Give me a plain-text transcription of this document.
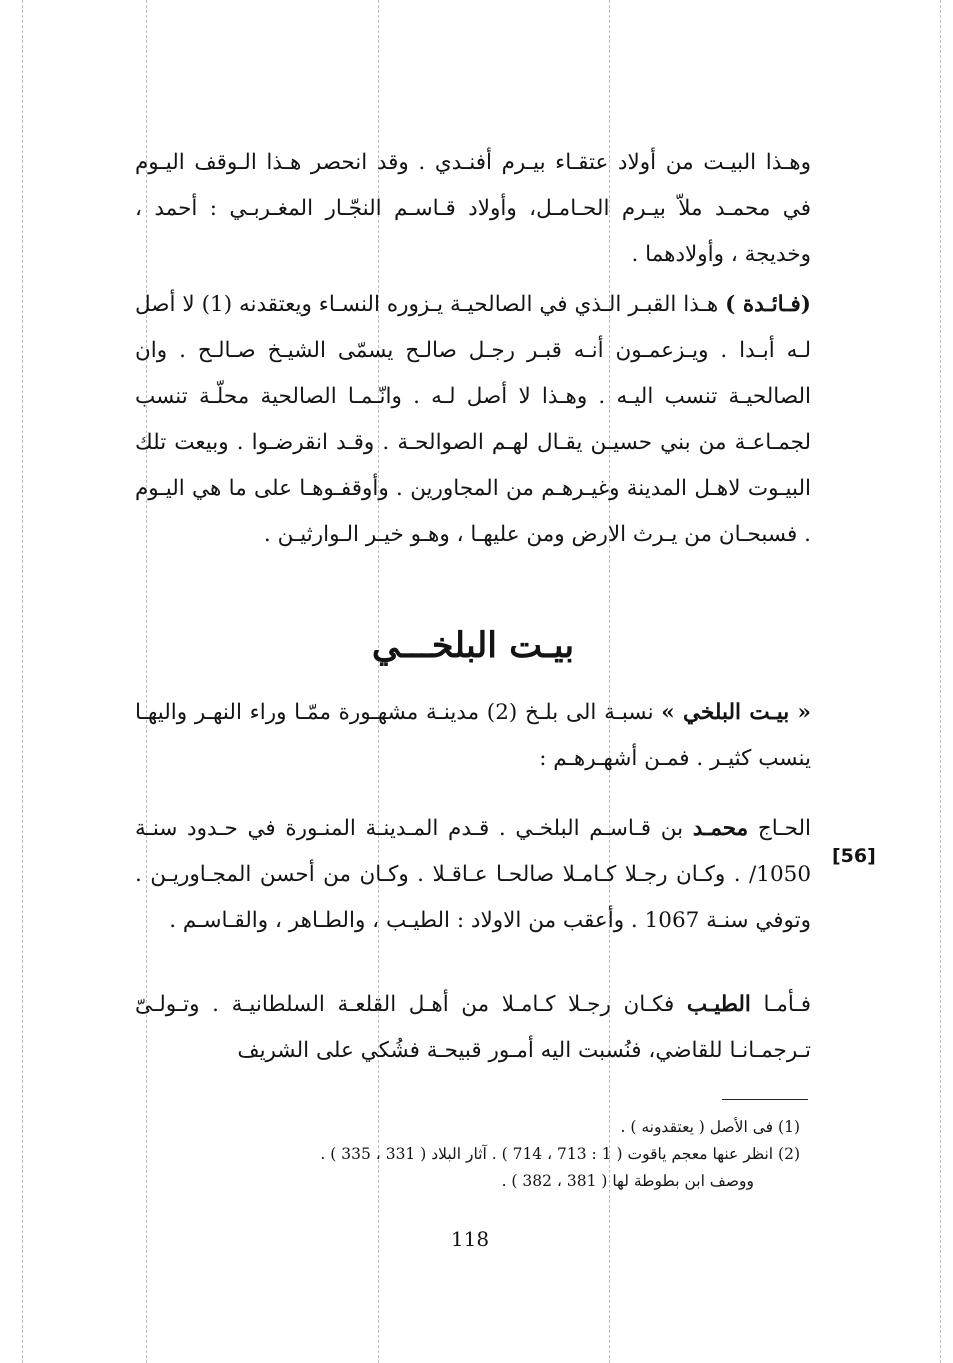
وهـذا البيـت من أولاد عتقـاء بيـرم أفنـدي . وقد انحصر هـذا الـوقف اليـوم في محمـد ملاّ بيـرم الحـامـل، وأولاد قـاسـم النجّـار المغـربـي : أحمد ، وخديجة ، وأولادهما .

(فـائـدة ) هـذا القبـر الـذي في الصالحيـة يـزوره النسـاء ويعتقدنه (1) لا أصل لـه أبـدا . ويـزعمـون أنـه قبـر رجـل صالـح يسمّى الشيـخ صـالـح . وان الصالحيـة تنسب اليـه . وهـذا لا أصل لـه . وانّـمـا الصالحية محلّـة تنسب لجمـاعـة من بني حسيـن يقـال لهـم الصوالحـة . وقـد انقرضـوا . وبيعت تلك البيـوت لاهـل المدينة وغيـرهـم من المجاورين . وأوقفـوهـا على ما هي اليـوم . فسبحـان من يـرث الارض ومن عليهـا ، وهـو خيـر الـوارثيـن .

بيـت البلخـــي

« بيـت البلخي » نسبـة الى بلـخ (2) مدينـة مشهـورة ممّـا وراء النهـر واليهـا ينسب كثيـر . فمـن أشهـرهـم :

[56]

الحـاج محمـد بن قـاسـم البلخـي . قـدم المـدينـة المنـورة في حـدود سنـة 1050/ . وكـان رجـلا كـامـلا صالحـا عـاقـلا . وكـان من أحسن المجـاوريـن . وتوفي سنـة 1067 . وأعقب من الاولاد : الطيـب ، والطـاهر ، والقـاسـم .

فـأمـا الطيـب فكـان رجـلا كـامـلا من أهـل القلعـة السلطانيـة . وتـولـىّ تـرجمـانـا للقاضي، فنُسبت اليه أمـور قبيحـة فشُكي على الشريف

(1) فى الأصل ( يعتقدونه ) .
(2) انظر عنها معجم ياقوت ( 1 : 713 ، 714 ) . آثار البلاد ( 331 ، 335 ) .
ووصف ابن بطوطة لها ( 381 ، 382 ) .
118
